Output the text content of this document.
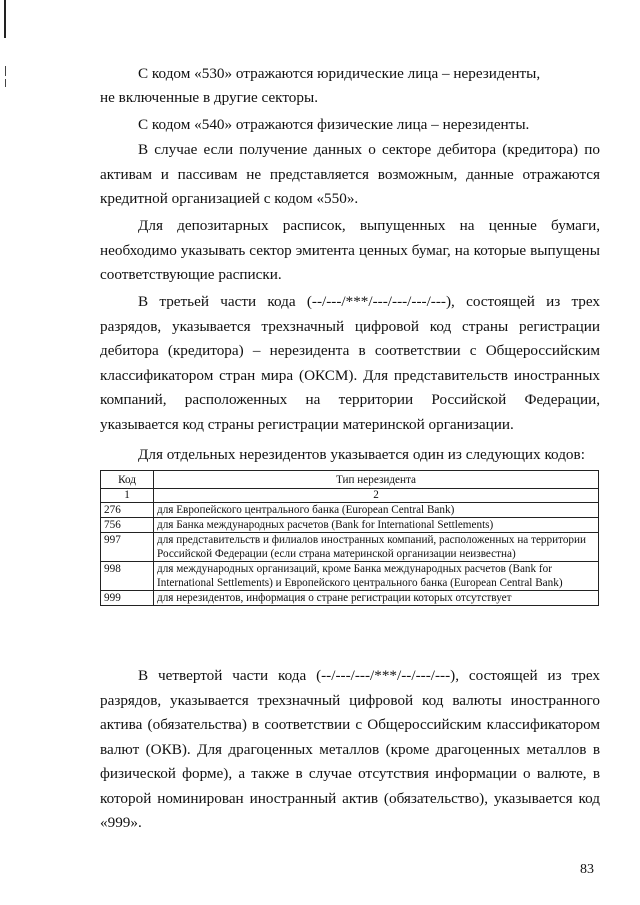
С кодом «530» отражаются юридические лица – нерезиденты,
не включенные в другие секторы.
С кодом «540» отражаются физические лица – нерезиденты.
В случае если получение данных о секторе дебитора (кредитора) по активам и пассивам не представляется возможным, данные отражаются кредитной организацией с кодом «550».
Для депозитарных расписок, выпущенных на ценные бумаги, необходимо указывать сектор эмитента ценных бумаг, на которые выпущены соответствующие расписки.
В третьей части кода (--/---/***/---/---/---/---), состоящей из трех разрядов, указывается трехзначный цифровой код страны регистрации дебитора (кредитора) – нерезидента в соответствии с Общероссийским классификатором стран мира (ОКСМ). Для представительств иностранных компаний, расположенных на территории Российской Федерации, указывается код страны регистрации материнской организации.
Для отдельных нерезидентов указывается один из следующих кодов:
Код	Тип нерезидента
1	2
276	для Европейского центрального банка (European Central Bank)
756	для Банка международных расчетов (Bank for International Settlements)
997	для представительств и филиалов иностранных компаний, расположенных на территории Российской Федерации (если страна материнской организации неизвестна)
998	для международных организаций, кроме Банка международных расчетов (Bank for International Settlements) и Европейского центрального банка (European Central Bank)
999	для нерезидентов, информация о стране регистрации которых отсутствует
В четвертой части кода (--/---/---/***/--/---/---), состоящей из трех разрядов, указывается трехзначный цифровой код валюты иностранного актива (обязательства) в соответствии с Общероссийским классификатором валют (ОКВ). Для драгоценных металлов (кроме драгоценных металлов в физической форме), а также в случае отсутствия информации о валюте, в которой номинирован иностранный актив (обязательство), указывается код «999».
83
